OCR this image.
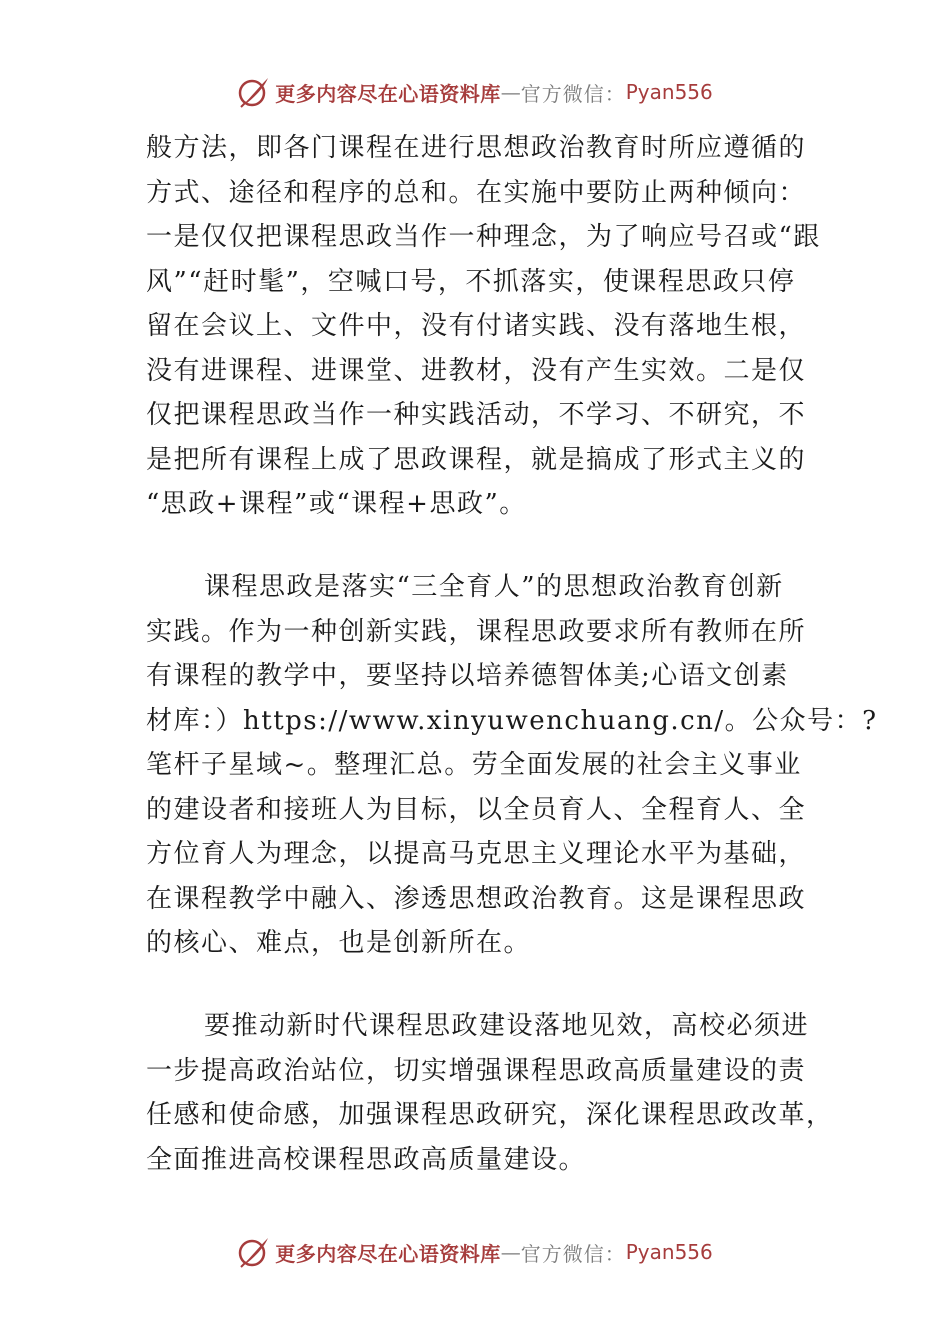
更多内容尽在心语资料库 — 官方微信： Pyan556
般方法，即各门课程在进行思想政治教育时所应遵循的
方式、途径和程序的总和。在实施中要防止两种倾向：
一是仅仅把课程思政当作一种理念，为了响应号召或“跟
风”“赶时髦”，空喊口号，不抓落实，使课程思政只停
留在会议上、文件中，没有付诸实践、没有落地生根，
没有进课程、进课堂、进教材，没有产生实效。二是仅
仅把课程思政当作一种实践活动，不学习、不研究，不
是把所有课程上成了思政课程，就是搞成了形式主义的
“思政+课程”或“课程+思政”。
课程思政是落实“三全育人”的思想政治教育创新
实践。作为一种创新实践，课程思政要求所有教师在所
有课程的教学中，要坚持以培养德智体美;心语文创素
材库：）https://www.xinyuwenchuang.cn/。公众号：?
笔杆子星域~。整理汇总。劳全面发展的社会主义事业
的建设者和接班人为目标，以全员育人、全程育人、全
方位育人为理念，以提高马克思主义理论水平为基础，
在课程教学中融入、渗透思想政治教育。这是课程思政
的核心、难点，也是创新所在。
要推动新时代课程思政建设落地见效，高校必须进
一步提高政治站位，切实增强课程思政高质量建设的责
任感和使命感，加强课程思政研究，深化课程思政改革，
全面推进高校课程思政高质量建设。
更多内容尽在心语资料库 — 官方微信： Pyan556
